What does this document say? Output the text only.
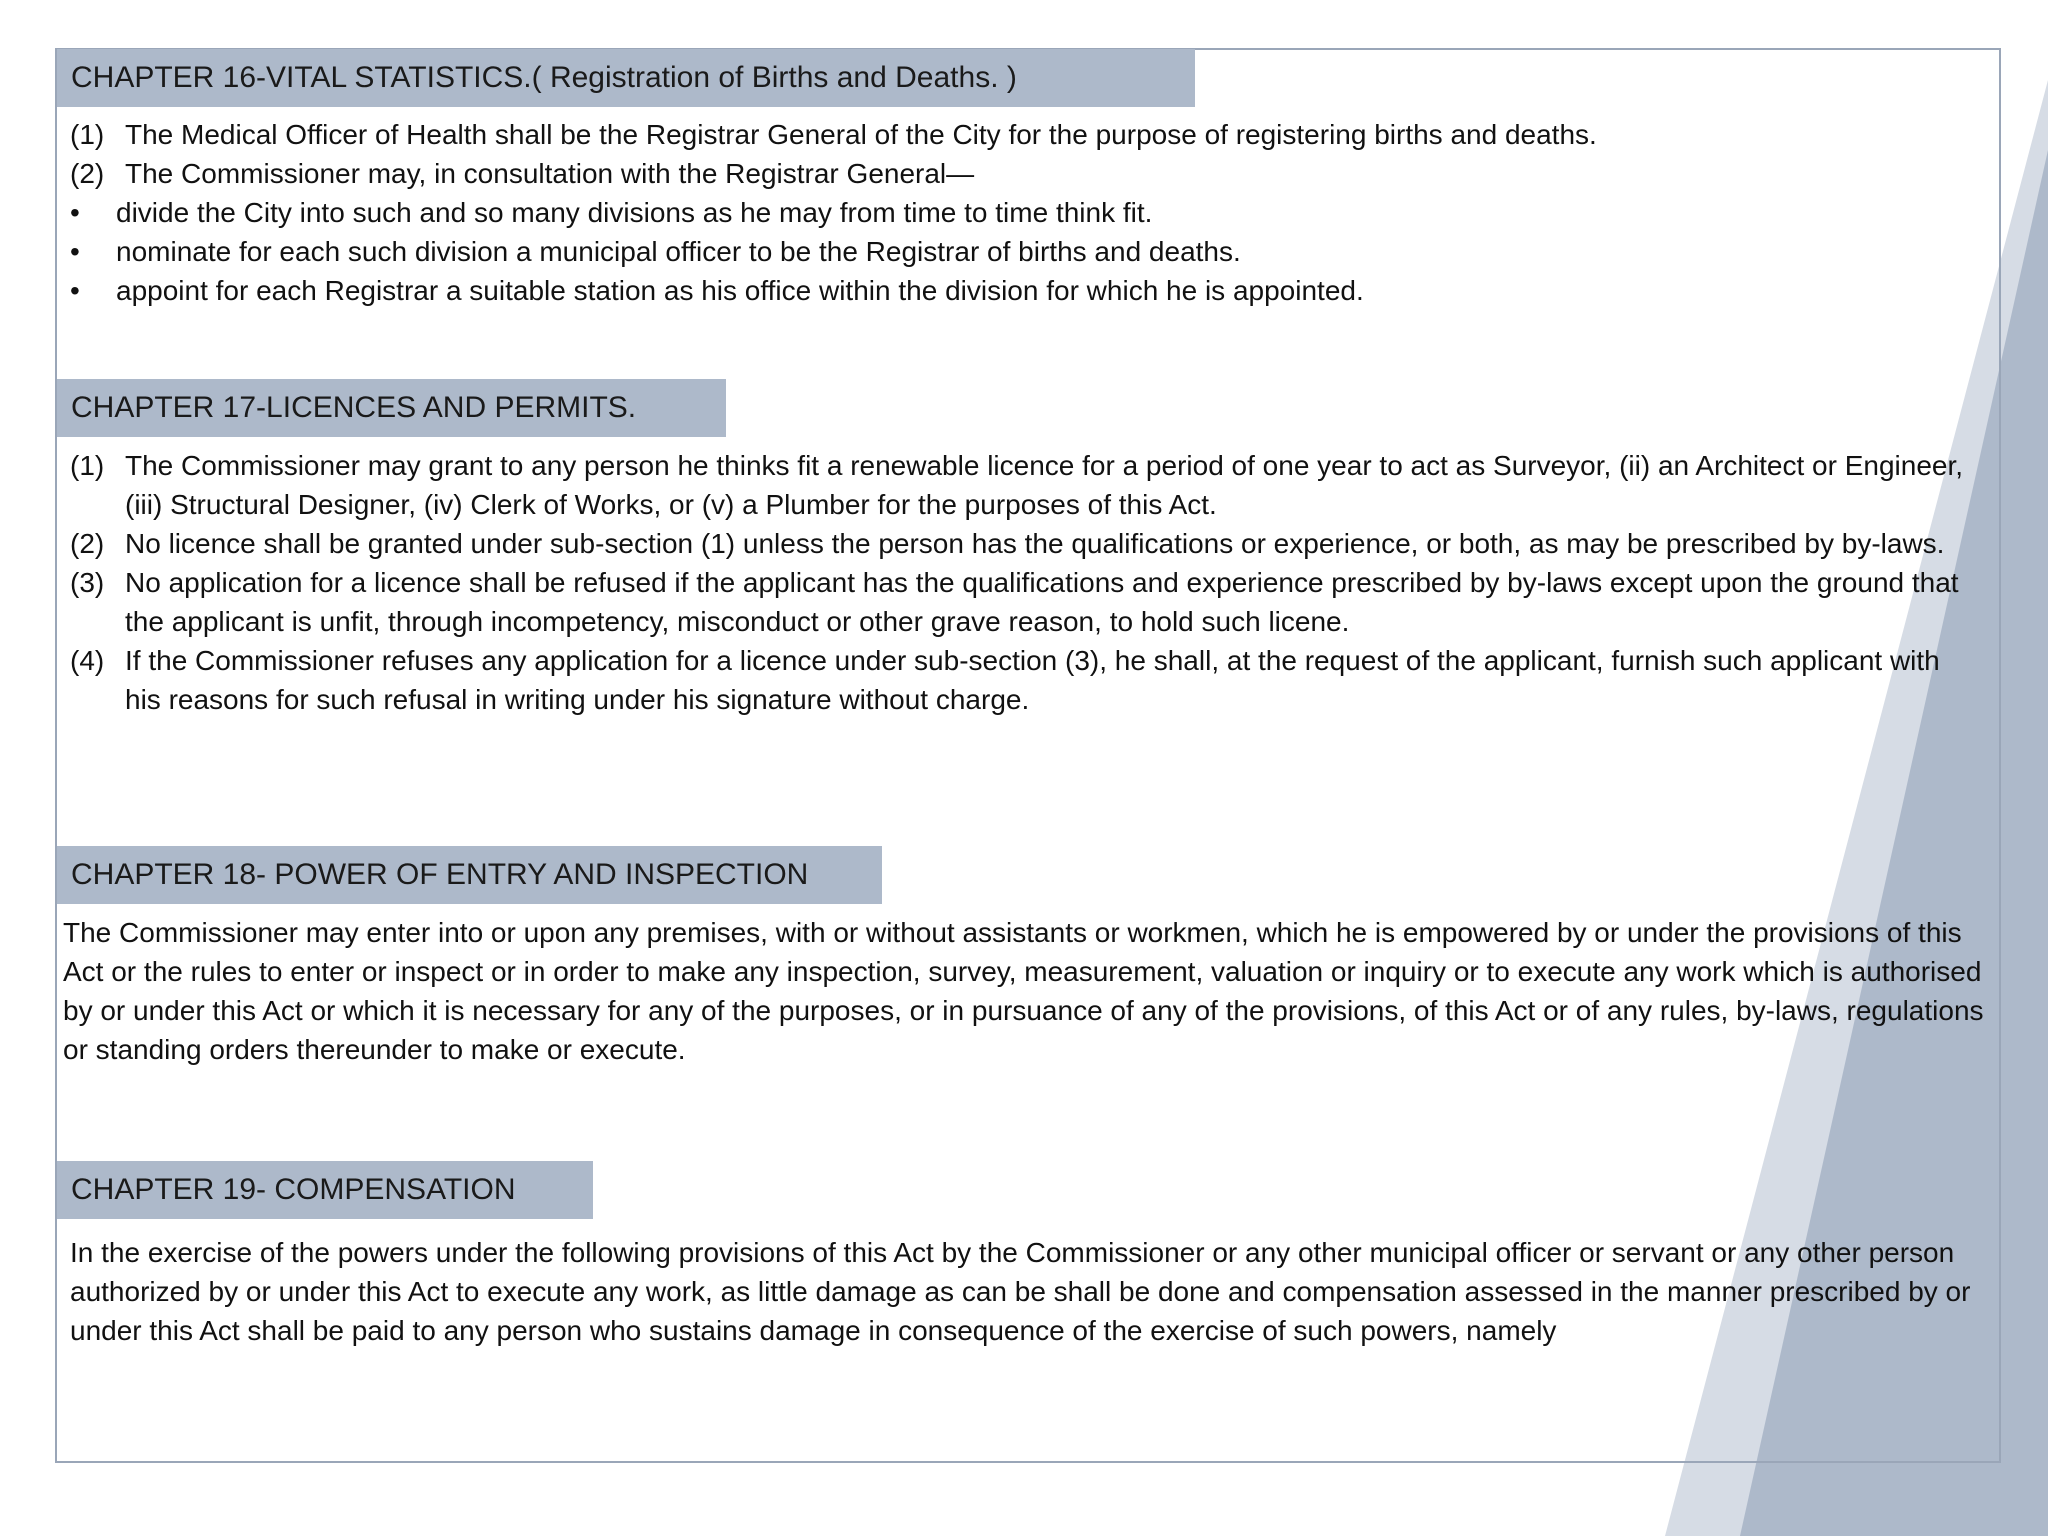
CHAPTER 16-VITAL STATISTICS.( Registration of Births and Deaths. )
(1) The Medical Officer of Health shall be the Registrar General of the City for the purpose of registering births and deaths.
(2) The Commissioner may, in consultation with the Registrar General—
• divide the City into such and so many divisions as he may from time to time think fit.
• nominate for each such division a municipal officer to be the Registrar of births and deaths.
• appoint for each Registrar a suitable station as his office within the division for which he is appointed.
CHAPTER 17-LICENCES AND PERMITS.
(1) The Commissioner may grant to any person he thinks fit a renewable licence for a period of one year to act as Surveyor, (ii) an Architect or Engineer, (iii) Structural Designer, (iv) Clerk of Works, or (v) a Plumber for the purposes of this Act.
(2) No licence shall be granted under sub-section (1) unless the person has the qualifications or experience, or both, as may be prescribed by by-laws.
(3) No application for a licence shall be refused if the applicant has the qualifications and experience prescribed by by-laws except upon the ground that the applicant is unfit, through incompetency, misconduct or other grave reason, to hold such licene.
(4) If the Commissioner refuses any application for a licence under sub-section (3), he shall, at the request of the applicant, furnish such applicant with his reasons for such refusal in writing under his signature without charge.
CHAPTER 18- POWER OF ENTRY AND INSPECTION
The Commissioner may enter into or upon any premises, with or without assistants or workmen, which he is empowered by or under the provisions of this Act or the rules to enter or inspect or in order to make any inspection, survey, measurement, valuation or inquiry or to execute any work which is authorised by or under this Act or which it is necessary for any of the purposes, or in pursuance of any of the provisions, of this Act or of any rules, by-laws, regulations or standing orders thereunder to make or execute.
CHAPTER 19- COMPENSATION
In the exercise of the powers under the following provisions of this Act by the Commissioner or any other municipal officer or servant or any other person authorized by or under this Act to execute any work, as little damage as can be shall be done and compensation assessed in the manner prescribed by or under this Act shall be paid to any person who sustains damage in consequence of the exercise of such powers, namely
